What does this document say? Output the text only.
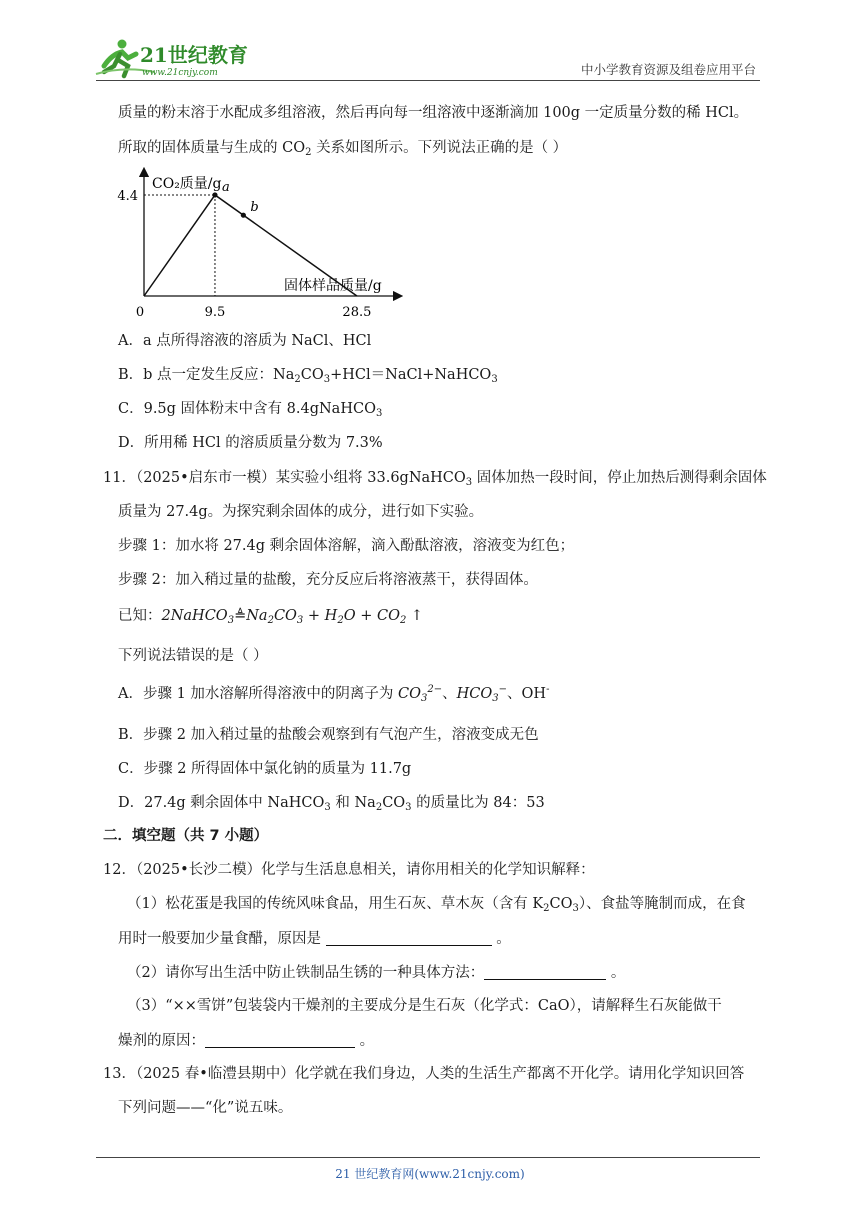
21世纪教育
www.21cnjy.com	中小学教育资源及组卷应用平台
质量的粉末溶于水配成多组溶液，然后再向每一组溶液中逐渐滴加 100g 一定质量分数的稀 HCl。
所取的固体质量与生成的 $CO_2$ 关系如图所示。下列说法正确的是（ ）
CO₂质量/g
固体样品质量/g
a
b
0	9.5	28.5
4.4
A．a 点所得溶液的溶质为 NaCl、HCl
B．b 点一定发生反应：$Na_2CO_3+HCl=NaCl+NaHCO_3$
C．9.5g 固体粉末中含有 8.4gNaHCO$_3$
D．所用稀 HCl 的溶质质量分数为 7.3%
11．（2025•启东市一模）某实验小组将 33.6gNaHCO$_3$ 固体加热一段时间，停止加热后测得剩余固体
质量为 27.4g。为探究剩余固体的成分，进行如下实验。
步骤 1：加水将 27.4g 剩余固体溶解，滴入酚酞溶液，溶液变为红色；
步骤 2：加入稍过量的盐酸，充分反应后将溶液蒸干，获得固体。
已知：$2NaHCO_3≜Na_2CO_3 + H_2O + CO_2$ ↑
下列说法错误的是（ ）
A．步骤 1 加水溶解所得溶液中的阴离子为 $CO_3^{2-}$、$HCO_3^-$、OH-
B．步骤 2 加入稍过量的盐酸会观察到有气泡产生，溶液变成无色
C．步骤 2 所得固体中氯化钠的质量为 11.7g
D．27.4g 剩余固体中 NaHCO$_3$ 和 $Na_2CO_3$ 的质量比为 84：53
二．填空题（共 7 小题）
12．（2025•长沙二模）化学与生活息息相关，请你用相关的化学知识解释：
（1）松花蛋是我国的传统风味食品，用生石灰、草木灰（含有 $K_2CO_3$）、食盐等腌制而成，在食
用时一般要加少量食醋，原因是	。
（2）请你写出生活中防止铁制品生锈的一种具体方法：	。
（3）“××雪饼”包装袋内干燥剂的主要成分是生石灰（化学式：CaO），请解释生石灰能做干
燥剂的原因：	。
13．（2025 春•临澧县期中）化学就在我们身边，人类的生活生产都离不开化学。请用化学知识回答
下列问题——“化”说五味。
21 世纪教育网(www.21cnjy.com)
